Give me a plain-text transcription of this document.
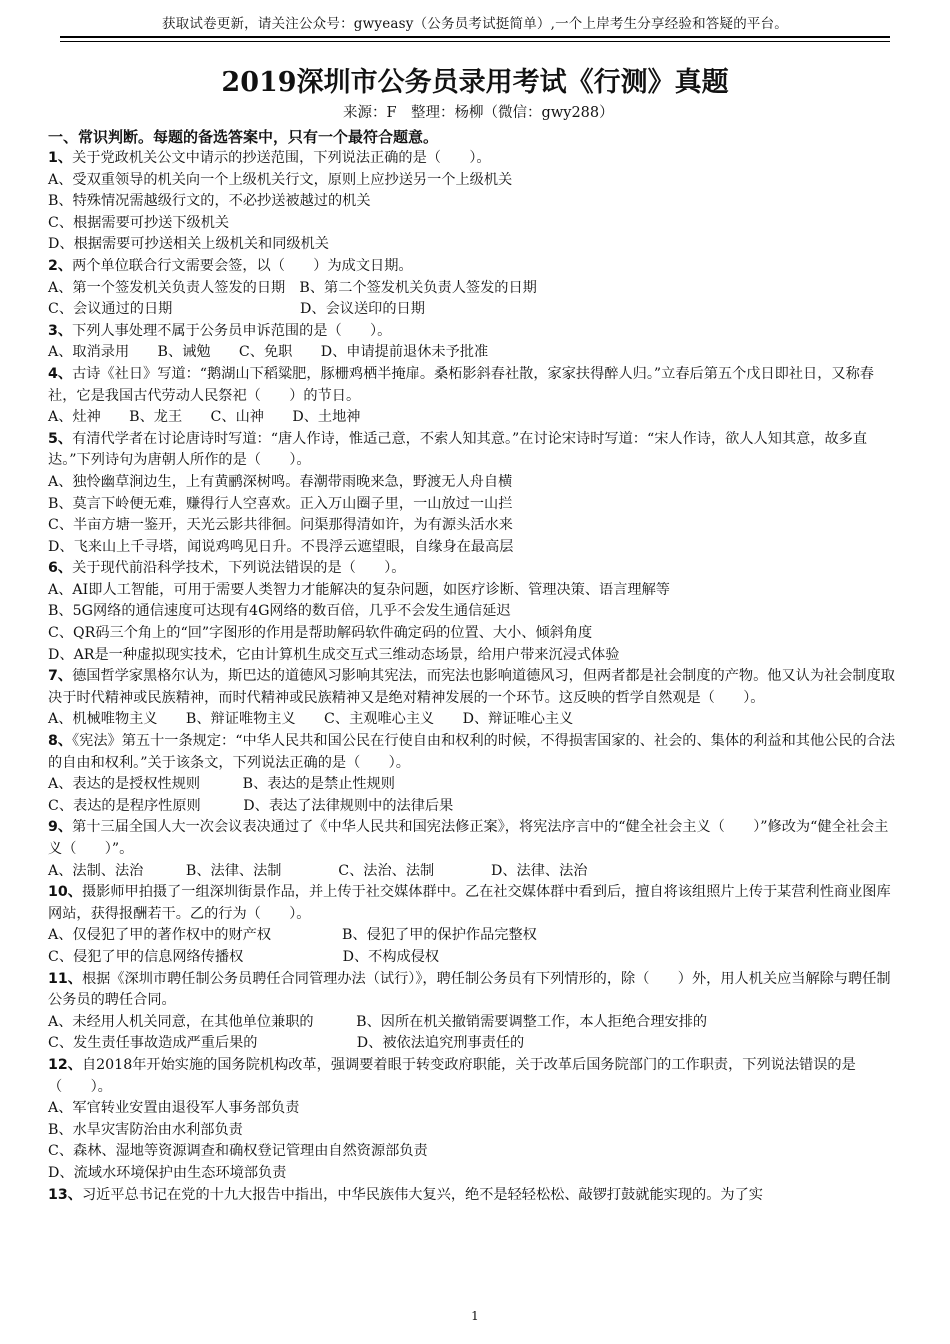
获取试卷更新，请关注公众号：gwyeasy（公务员考试挺简单）,一个上岸考生分享经验和答疑的平台。
2019深圳市公务员录用考试《行测》真题
来源：F　整理：杨柳（微信：gwy288）
一、常识判断。每题的备选答案中，只有一个最符合题意。

1、关于党政机关公文中请示的抄送范围，下列说法正确的是（　　）。

A、受双重领导的机关向一个上级机关行文，原则上应抄送另一个上级机关

B、特殊情况需越级行文的，不必抄送被越过的机关

C、根据需要可抄送下级机关

D、根据需要可抄送相关上级机关和同级机关

2、两个单位联合行文需要会签，以（　　）为成文日期。

A、第一个签发机关负责人签发的日期　B、第二个签发机关负责人签发的日期

C、会议通过的日期　　　　　　　　　D、会议送印的日期

3、下列人事处理不属于公务员申诉范围的是（　　）。

A、取消录用　　B、诫勉　　C、免职　　D、申请提前退休未予批准

4、古诗《社日》写道：“鹅湖山下稻粱肥，豚栅鸡栖半掩扉。桑柘影斜春社散，家家扶得醉人归。”立春后第五个戊日即社日，又称春社，它是我国古代劳动人民祭祀（　　）的节日。

A、灶神　　B、龙王　　C、山神　　D、土地神

5、有清代学者在讨论唐诗时写道：“唐人作诗，惟适己意，不索人知其意。”在讨论宋诗时写道：“宋人作诗，欲人人知其意，故多直达。”下列诗句为唐朝人所作的是（　　）。

A、独怜幽草涧边生，上有黄鹂深树鸣。春潮带雨晚来急，野渡无人舟自横

B、莫言下岭便无难，赚得行人空喜欢。正入万山圈子里，一山放过一山拦

C、半亩方塘一鉴开，天光云影共徘徊。问渠那得清如许，为有源头活水来

D、飞来山上千寻塔，闻说鸡鸣见日升。不畏浮云遮望眼，自缘身在最高层

6、关于现代前沿科学技术，下列说法错误的是（　　）。

A、AI即人工智能，可用于需要人类智力才能解决的复杂问题，如医疗诊断、管理决策、语言理解等

B、5G网络的通信速度可达现有4G网络的数百倍，几乎不会发生通信延迟

C、QR码三个角上的“回”字图形的作用是帮助解码软件确定码的位置、大小、倾斜角度

D、AR是一种虚拟现实技术，它由计算机生成交互式三维动态场景，给用户带来沉浸式体验

7、德国哲学家黑格尔认为，斯巴达的道德风习影响其宪法，而宪法也影响道德风习，但两者都是社会制度的产物。他又认为社会制度取决于时代精神或民族精神，而时代精神或民族精神又是绝对精神发展的一个环节。这反映的哲学自然观是（　　）。

A、机械唯物主义　　B、辩证唯物主义　　C、主观唯心主义　　D、辩证唯心主义

8、《宪法》第五十一条规定：“中华人民共和国公民在行使自由和权利的时候，不得损害国家的、社会的、集体的利益和其他公民的合法的自由和权利。”关于该条文，下列说法正确的是（　　）。

A、表达的是授权性规则　　　B、表达的是禁止性规则

C、表达的是程序性原则　　　D、表达了法律规则中的法律后果

9、第十三届全国人大一次会议表决通过了《中华人民共和国宪法修正案》，将宪法序言中的“健全社会主义（　　）”修改为“健全社会主义（　　）”。

A、法制、法治　　　B、法律、法制　　　　C、法治、法制　　　　D、法律、法治

10、摄影师甲拍摄了一组深圳街景作品，并上传于社交媒体群中。乙在社交媒体群中看到后，擅自将该组照片上传于某营利性商业图库网站，获得报酬若干。乙的行为（　　）。

A、仅侵犯了甲的著作权中的财产权　　　　　B、侵犯了甲的保护作品完整权

C、侵犯了甲的信息网络传播权　　　　　　　D、不构成侵权

11、根据《深圳市聘任制公务员聘任合同管理办法（试行）》，聘任制公务员有下列情形的，除（　　）外，用人机关应当解除与聘任制公务员的聘任合同。

A、未经用人机关同意，在其他单位兼职的　　　B、因所在机关撤销需要调整工作，本人拒绝合理安排的

C、发生责任事故造成严重后果的　　　　　　　D、被依法追究刑事责任的

12、自2018年开始实施的国务院机构改革，强调要着眼于转变政府职能，关于改革后国务院部门的工作职责，下列说法错误的是（　　）。

A、军官转业安置由退役军人事务部负责

B、水旱灾害防治由水利部负责

C、森林、湿地等资源调查和确权登记管理由自然资源部负责

D、流域水环境保护由生态环境部负责

13、习近平总书记在党的十九大报告中指出，中华民族伟大复兴，绝不是轻轻松松、敲锣打鼓就能实现的。为了实

1
